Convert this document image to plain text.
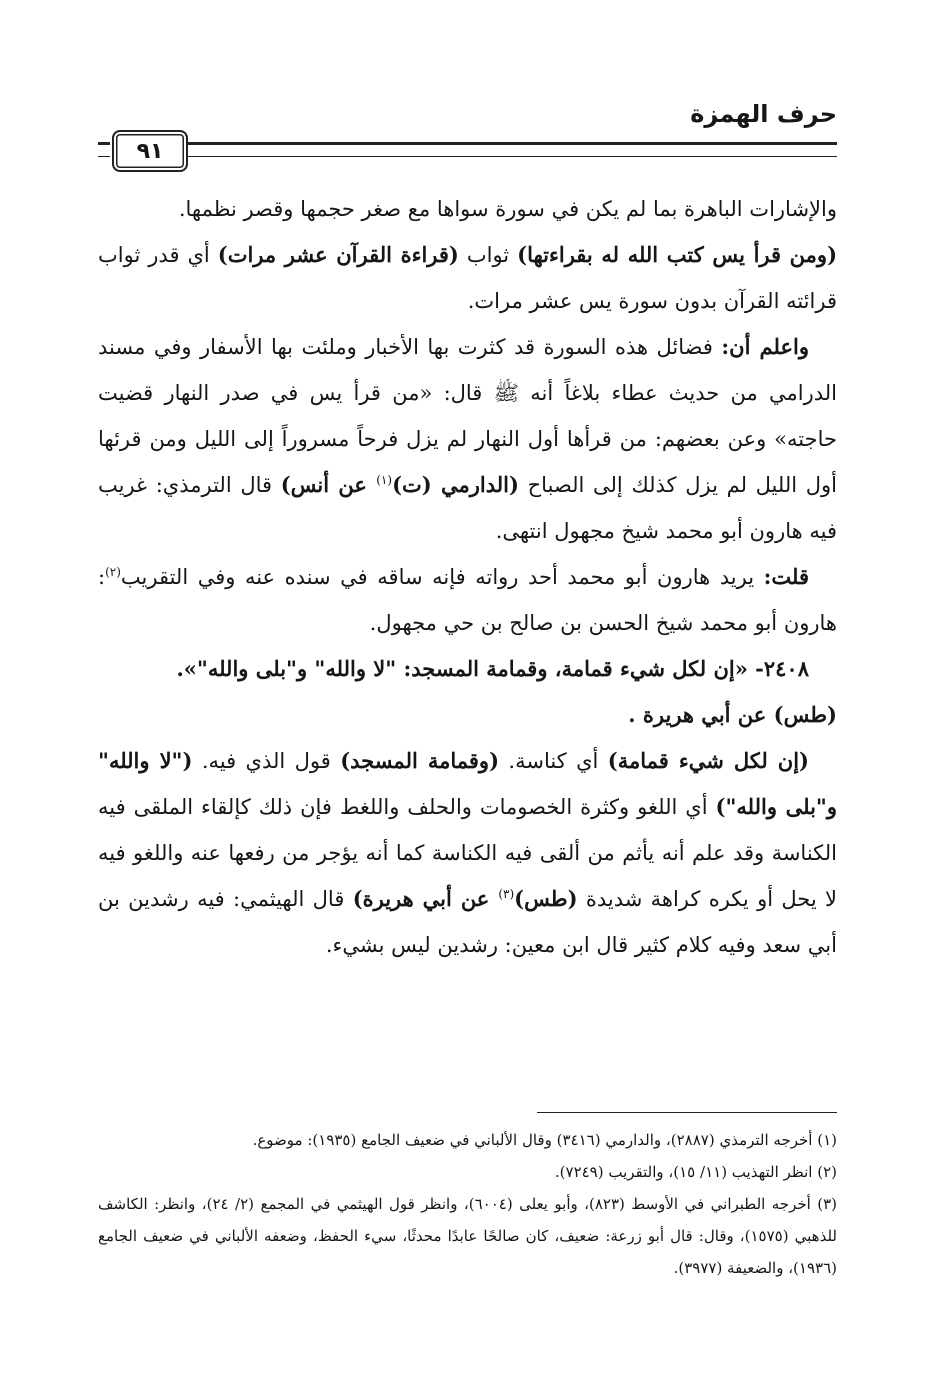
حرف الهمزة
٩١

والإشارات الباهرة بما لم يكن في سورة سواها مع صغر حجمها وقصر نظمها.

(ومن قرأ يس كتب الله له بقراءتها) ثواب (قراءة القرآن عشر مرات) أي قدر ثواب قرائته القرآن بدون سورة يس عشر مرات.

واعلم أن: فضائل هذه السورة قد كثرت بها الأخبار وملئت بها الأسفار وفي مسند الدرامي من حديث عطاء بلاغاً أنه ﷺ قال: «من قرأ يس في صدر النهار قضيت حاجته» وعن بعضهم: من قرأها أول النهار لم يزل فرحاً مسروراً إلى الليل ومن قرئها أول الليل لم يزل كذلك إلى الصباح (الدارمي (ت)$^{(١)}$ عن أنس) قال الترمذي: غريب فيه هارون أبو محمد شيخ مجهول انتهى.

قلت: يريد هارون أبو محمد أحد رواته فإنه ساقه في سنده عنه وفي التقريب$^{(٢)}$: هارون أبو محمد شيخ الحسن بن صالح بن حي مجهول.

٢٤٠٨- «إن لكل شيء قمامة، وقمامة المسجد: "لا والله" و"بلى والله"».

(طس) عن أبي هريرة .

(إن لكل شيء قمامة) أي كناسة. (وقمامة المسجد) قول الذي فيه. ("لا والله" و"بلى والله") أي اللغو وكثرة الخصومات والحلف واللغط فإن ذلك كإلقاء الملقى فيه الكناسة وقد علم أنه يأثم من ألقى فيه الكناسة كما أنه يؤجر من رفعها عنه واللغو فيه لا يحل أو يكره كراهة شديدة (طس)$^{(٣)}$ عن أبي هريرة) قال الهيثمي: فيه رشدين بن أبي سعد وفيه كلام كثير قال ابن معين: رشدين ليس بشيء.

(١) أخرجه الترمذي (٢٨٨٧)، والدارمي (٣٤١٦) وقال الألباني في ضعيف الجامع (١٩٣٥): موضوع.

(٢) انظر التهذيب (١١/ ١٥)، والتقريب (٧٢٤٩).

(٣) أخرجه الطبراني في الأوسط (٨٢٣)، وأبو يعلى (٦٠٠٤)، وانظر قول الهيثمي في المجمع (٢/ ٢٤)، وانظر: الكاشف للذهبي (١٥٧٥)، وقال: قال أبو زرعة: ضعيف، كان صالحًا عابدًا محدثًا، سيء الحفظ، وضعفه الألباني في ضعيف الجامع (١٩٣٦)، والضعيفة (٣٩٧٧).
